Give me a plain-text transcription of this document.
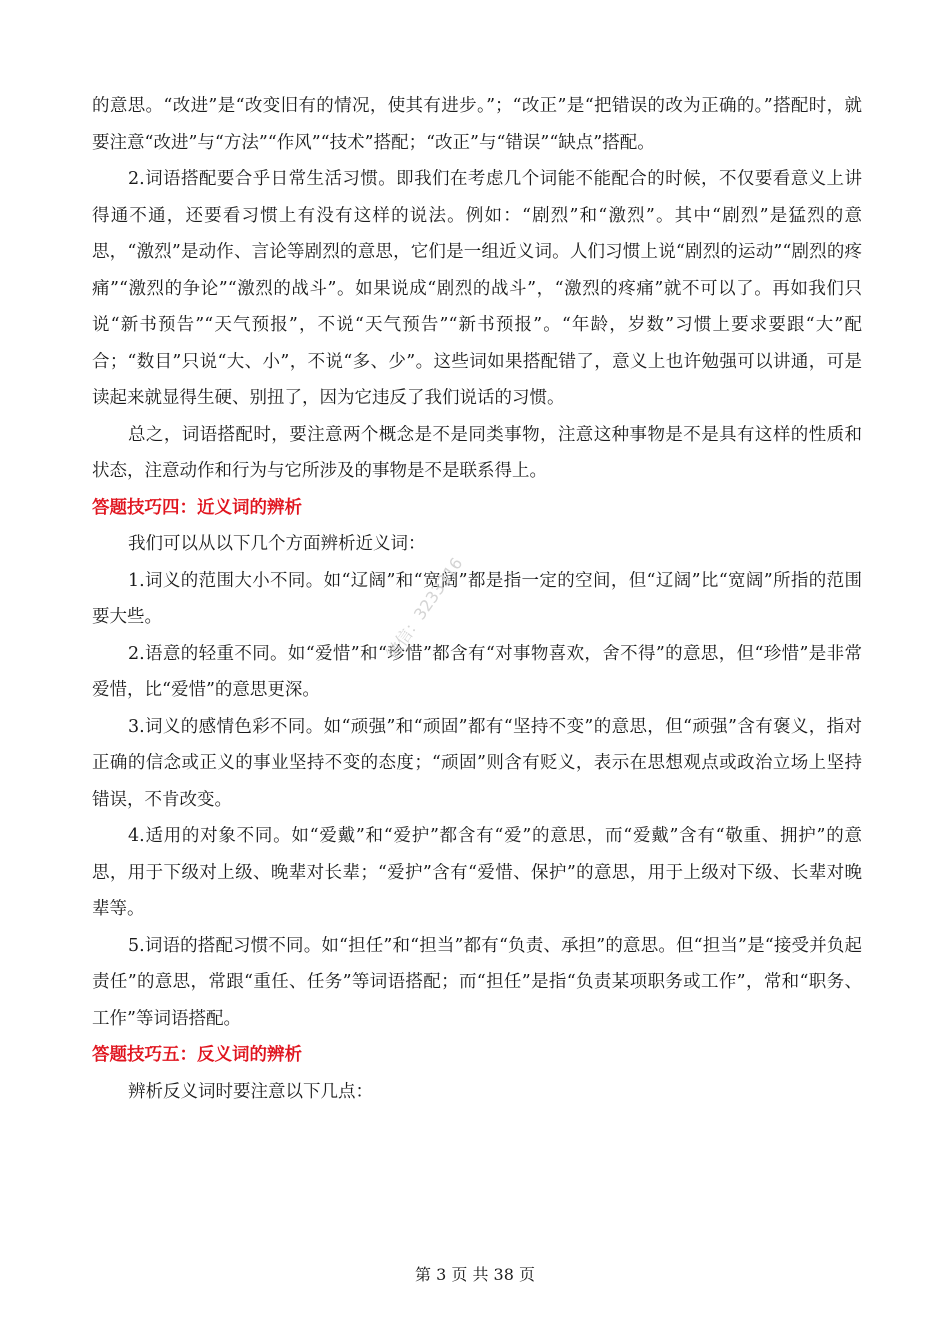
的意思。“改进”是“改变旧有的情况，使其有进步。”；“改正”是“把错误的改为正确的。”搭配时，就要注意“改进”与“方法”“作风”“技术”搭配；“改正”与“错误”“缺点”搭配。

2.词语搭配要合乎日常生活习惯。即我们在考虑几个词能不能配合的时候，不仅要看意义上讲得通不通，还要看习惯上有没有这样的说法。例如：“剧烈”和“激烈”。其中“剧烈”是猛烈的意思，“激烈”是动作、言论等剧烈的意思，它们是一组近义词。人们习惯上说“剧烈的运动”“剧烈的疼痛”“激烈的争论”“激烈的战斗”。如果说成“剧烈的战斗”，“激烈的疼痛”就不可以了。再如我们只说“新书预告”“天气预报”，不说“天气预告”“新书预报”。“年龄，岁数”习惯上要求要跟“大”配合；“数目”只说“大、小”，不说“多、少”。这些词如果搭配错了，意义上也许勉强可以讲通，可是读起来就显得生硬、别扭了，因为它违反了我们说话的习惯。

总之，词语搭配时，要注意两个概念是不是同类事物，注意这种事物是不是具有这样的性质和状态，注意动作和行为与它所涉及的事物是不是联系得上。

答题技巧四：近义词的辨析

我们可以从以下几个方面辨析近义词：

1.词义的范围大小不同。如“辽阔”和“宽阔”都是指一定的空间，但“辽阔”比“宽阔”所指的范围要大些。

2.语意的轻重不同。如“爱惜”和“珍惜”都含有“对事物喜欢，舍不得”的意思，但“珍惜”是非常爱惜，比“爱惜”的意思更深。

3.词义的感情色彩不同。如“顽强”和“顽固”都有“坚持不变”的意思，但“顽强”含有褒义，指对正确的信念或正义的事业坚持不变的态度；“顽固”则含有贬义，表示在思想观点或政治立场上坚持错误，不肯改变。

4.适用的对象不同。如“爱戴”和“爱护”都含有“爱”的意思，而“爱戴”含有“敬重、拥护”的意思，用于下级对上级、晚辈对长辈；“爱护”含有“爱惜、保护”的意思，用于上级对下级、长辈对晚辈等。

5.词语的搭配习惯不同。如“担任”和“担当”都有“负责、承担”的意思。但“担当”是“接受并负起责任”的意思，常跟“重任、任务”等词语搭配；而“担任”是指“负责某项职务或工作”，常和“职务、工作”等词语搭配。

答题技巧五：反义词的辨析

辨析反义词时要注意以下几点：

微信：3233316
第 3 页 共 38 页
